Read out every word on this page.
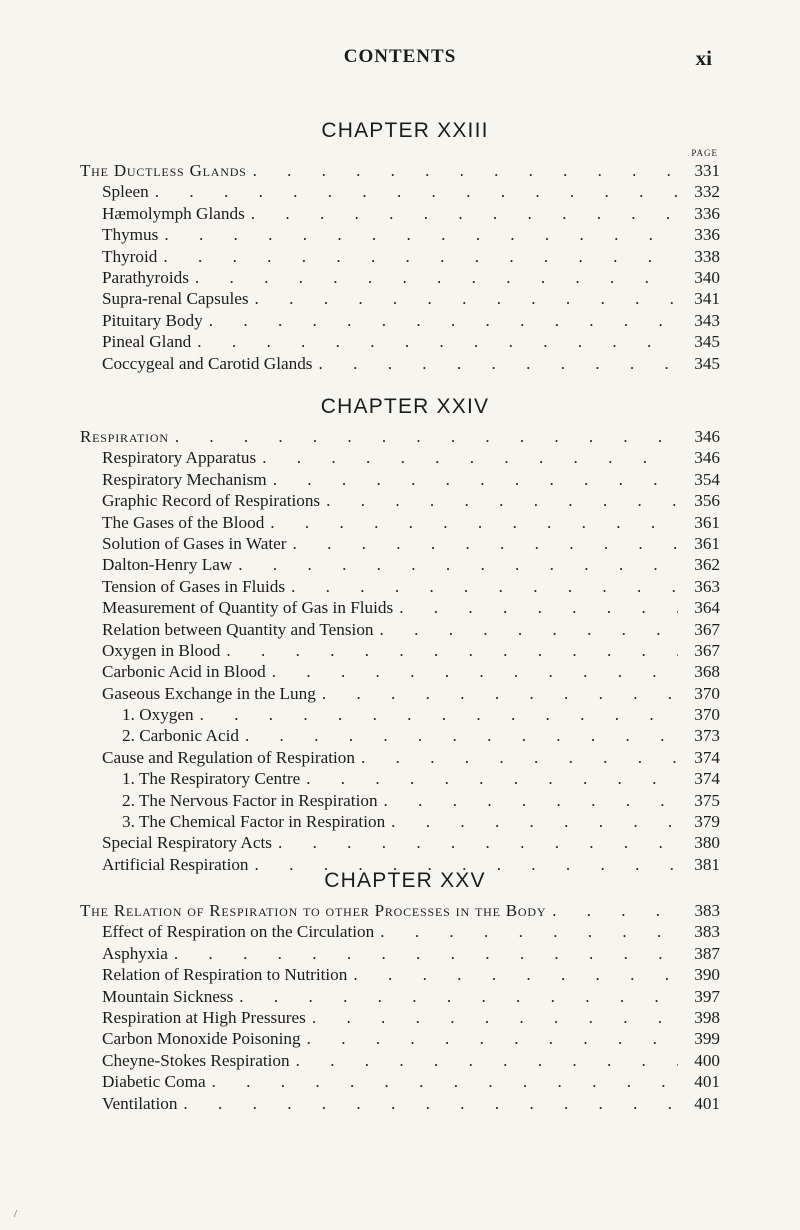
CONTENTS	xi
CHAPTER XXIII
PAGE
The Ductless Glands . . .	331
Spleen . . .	332
Hæmolymph Glands . . .	336
Thymus . . .	336
Thyroid . . .	338
Parathyroids . . .	340
Supra-renal Capsules . . .	341
Pituitary Body . . .	343
Pineal Gland . . .	345
Coccygeal and Carotid Glands . . .	345
CHAPTER XXIV
Respiration . . .	346
Respiratory Apparatus . . .	346
Respiratory Mechanism . . .	354
Graphic Record of Respirations . . .	356
The Gases of the Blood . . .	361
Solution of Gases in Water . . .	361
Dalton-Henry Law . . .	362
Tension of Gases in Fluids . . .	363
Measurement of Quantity of Gas in Fluids . . .	364
Relation between Quantity and Tension . . .	367
Oxygen in Blood . . .	367
Carbonic Acid in Blood . . .	368
Gaseous Exchange in the Lung . . .	370
1. Oxygen . . .	370
2. Carbonic Acid . . .	373
Cause and Regulation of Respiration . . .	374
1. The Respiratory Centre . . .	374
2. The Nervous Factor in Respiration . . .	375
3. The Chemical Factor in Respiration . . .	379
Special Respiratory Acts . . .	380
Artificial Respiration . . .	381
CHAPTER XXV
The Relation of Respiration to other Processes in the Body . . .	383
Effect of Respiration on the Circulation . . .	383
Asphyxia . . .	387
Relation of Respiration to Nutrition . . .	390
Mountain Sickness . . .	397
Respiration at High Pressures . . .	398
Carbon Monoxide Poisoning . . .	399
Cheyne-Stokes Respiration . . .	400
Diabetic Coma . . .	401
Ventilation . . .	401
/
